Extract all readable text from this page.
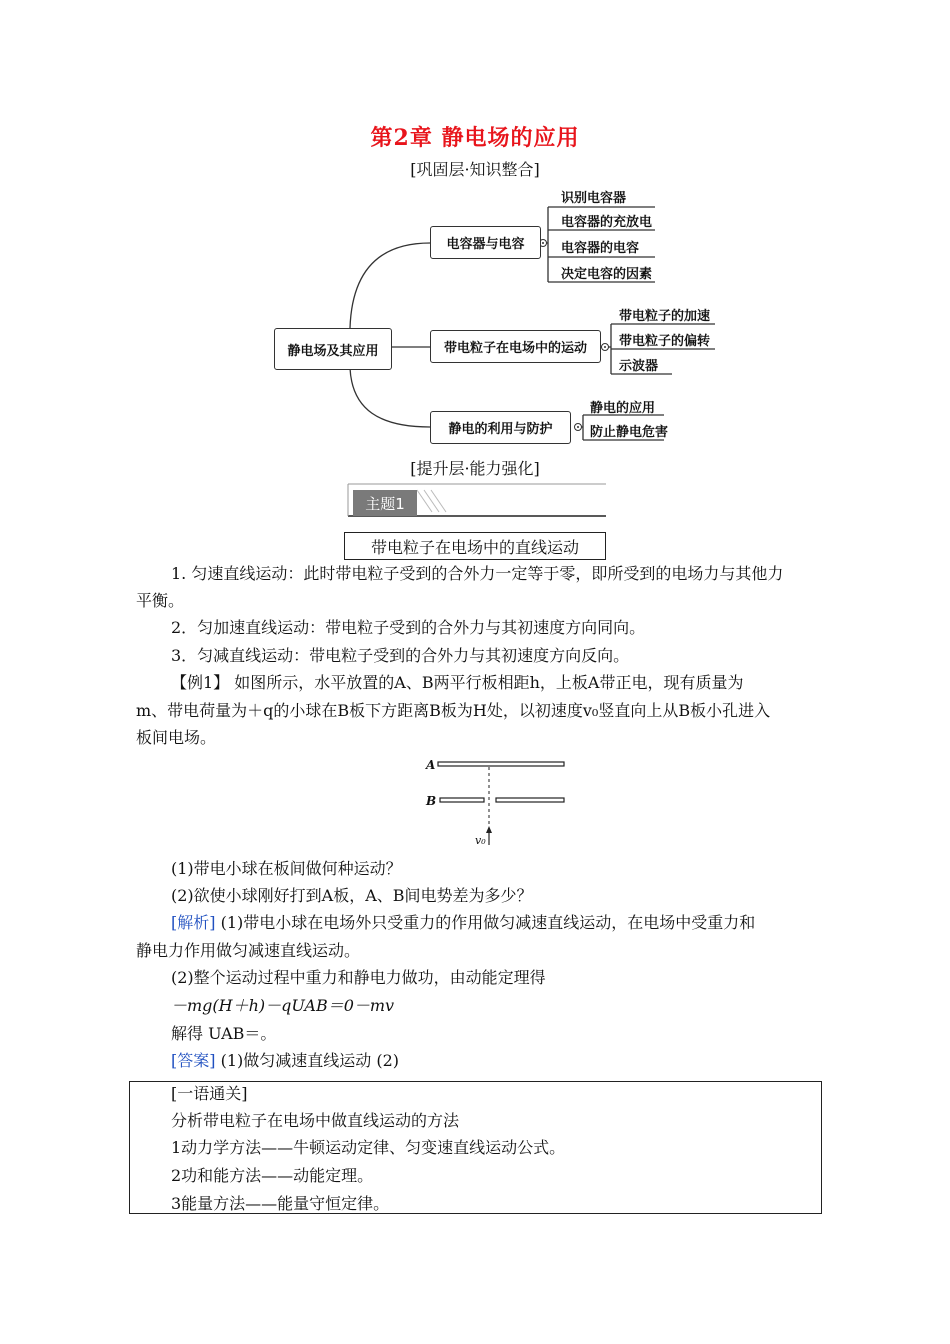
第2章 静电场的应用
[巩固层·知识整合]
静电场及其应用
电容器与电容
带电粒子在电场中的运动
静电的利用与防护
识别电容器
电容器的充放电
电容器的电容
决定电容的因素
带电粒子的加速
带电粒子的偏转
示波器
静电的应用
防止静电危害
[提升层·能力强化]
主题1
带电粒子在电场中的直线运动
1. 匀速直线运动：此时带电粒子受到的合外力一定等于零，即所受到的电场力与其他力
平衡。
2．匀加速直线运动：带电粒子受到的合外力与其初速度方向同向。
3．匀减直线运动：带电粒子受到的合外力与其初速度方向反向。
【例1】 如图所示，水平放置的A、B两平行板相距h，上板A带正电，现有质量为
m、带电荷量为＋q的小球在B板下方距离B板为H处，以初速度v₀竖直向上从B板小孔进入
板间电场。
A
B
v₀
(1)带电小球在板间做何种运动？
(2)欲使小球刚好打到A板，A、B间电势差为多少？
[解析] (1)带电小球在电场外只受重力的作用做匀减速直线运动，在电场中受重力和
静电力作用做匀减速直线运动。
(2)整个运动过程中重力和静电力做功，由动能定理得
－mg(H＋h)－qUAB＝0－mv
解得 UAB＝。
[答案] (1)做匀减速直线运动 (2)
[一语通关]
分析带电粒子在电场中做直线运动的方法
1动力学方法——牛顿运动定律、匀变速直线运动公式。
2功和能方法——动能定理。
3能量方法——能量守恒定律。
